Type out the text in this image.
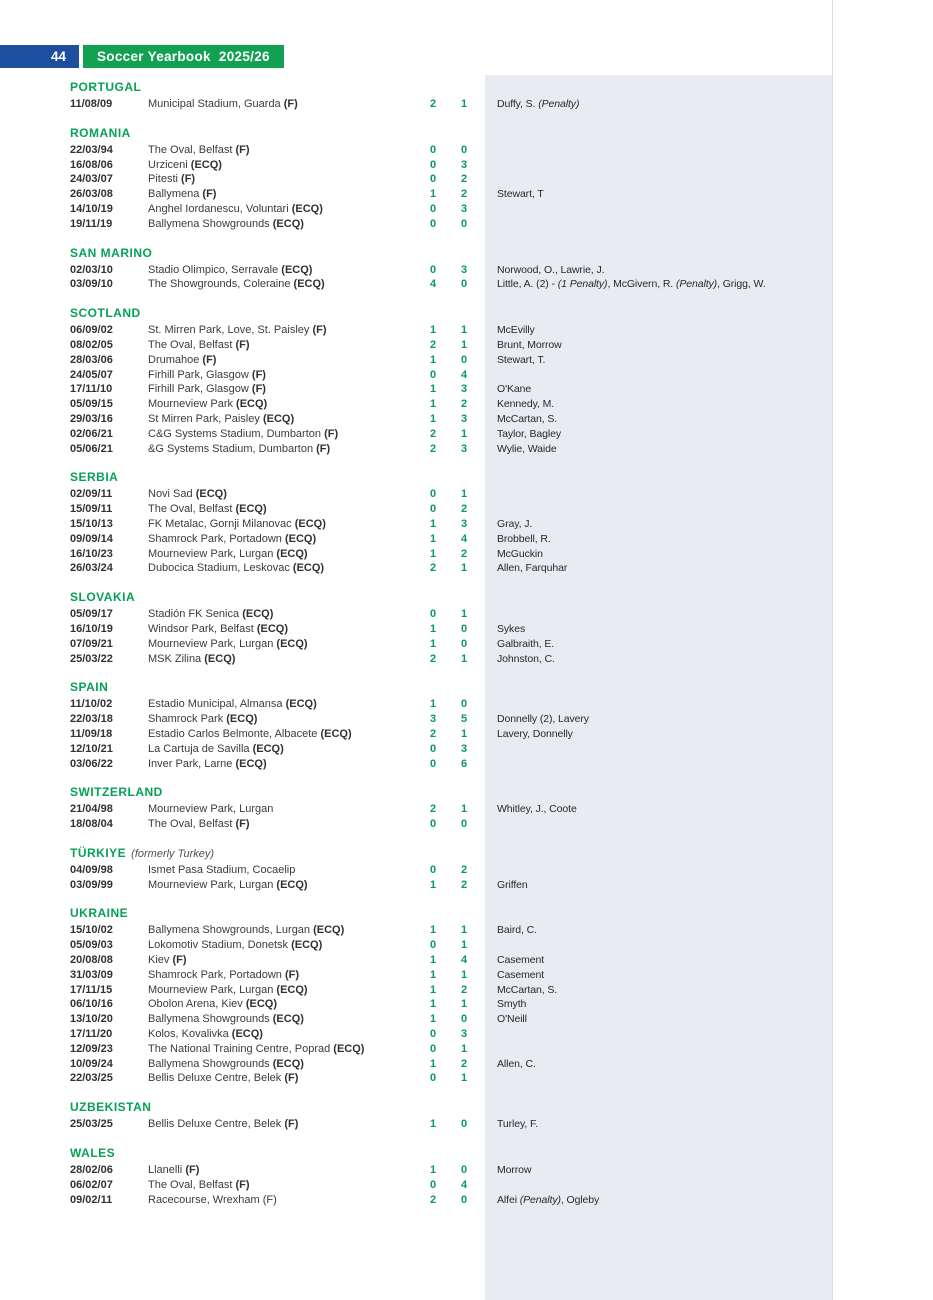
44 Soccer Yearbook  2025/26
PORTUGAL
11/08/09	Municipal Stadium, Guarda (F)	2	1	Duffy, S. (Penalty)
ROMANIA
22/03/94	The Oval, Belfast (F)	0	0
16/08/06	Urziceni (ECQ)	0	3
24/03/07	Pitesti (F)	0	2
26/03/08	Ballymena (F)	1	2	Stewart, T
14/10/19	Anghel Iordanescu, Voluntari (ECQ)	0	3
19/11/19	Ballymena Showgrounds (ECQ)	0	0
SAN MARINO
02/03/10	Stadio Olimpico, Serravale (ECQ)	0	3	Norwood, O., Lawrie, J.
03/09/10	The Showgrounds, Coleraine (ECQ)	4	0	Little, A. (2) - (1 Penalty), McGivern, R. (Penalty), Grigg, W.
SCOTLAND
06/09/02	St. Mirren Park, Love, St. Paisley (F)	1	1	McEvilly
08/02/05	The Oval, Belfast (F)	2	1	Brunt, Morrow
28/03/06	Drumahoe (F)	1	0	Stewart, T.
24/05/07	Firhill Park, Glasgow (F)	0	4
17/11/10	Firhill Park, Glasgow (F)	1	3	O'Kane
05/09/15	Mourneview Park (ECQ)	1	2	Kennedy, M.
29/03/16	St Mirren Park, Paisley (ECQ)	1	3	McCartan, S.
02/06/21	C&G Systems Stadium, Dumbarton (F)	2	1	Taylor, Bagley
05/06/21	&G Systems Stadium, Dumbarton (F)	2	3	Wylie, Waide
SERBIA
02/09/11	Novi Sad (ECQ)	0	1
15/09/11	The Oval, Belfast (ECQ)	0	2
15/10/13	FK Metalac, Gornji Milanovac (ECQ)	1	3	Gray, J.
09/09/14	Shamrock Park, Portadown (ECQ)	1	4	Brobbell, R.
16/10/23	Mourneview Park, Lurgan (ECQ)	1	2	McGuckin
26/03/24	Dubocica Stadium, Leskovac (ECQ)	2	1	Allen, Farquhar
SLOVAKIA
05/09/17	Stadión FK Senica (ECQ)	0	1
16/10/19	Windsor Park, Belfast (ECQ)	1	0	Sykes
07/09/21	Mourneview Park, Lurgan (ECQ)	1	0	Galbraith, E.
25/03/22	MSK Zilina (ECQ)	2	1	Johnston, C.
SPAIN
11/10/02	Estadio Municipal, Almansa (ECQ)	1	0
22/03/18	Shamrock Park (ECQ)	3	5	Donnelly (2), Lavery
11/09/18	Estadio Carlos Belmonte, Albacete (ECQ)	2	1	Lavery, Donnelly
12/10/21	La Cartuja de Savilla (ECQ)	0	3
03/06/22	Inver Park, Larne (ECQ)	0	6
SWITZERLAND
21/04/98	Mourneview Park, Lurgan	2	1	Whitley, J., Coote
18/08/04	The Oval, Belfast (F)	0	0
TÜRKIYE (formerly Turkey)
04/09/98	Ismet Pasa Stadium, Cocaelip	0	2
03/09/99	Mourneview Park, Lurgan (ECQ)	1	2	Griffen
UKRAINE
15/10/02	Ballymena Showgrounds, Lurgan (ECQ)	1	1	Baird, C.
05/09/03	Lokomotiv Stadium, Donetsk (ECQ)	0	1
20/08/08	Kiev (F)	1	4	Casement
31/03/09	Shamrock Park, Portadown (F)	1	1	Casement
17/11/15	Mourneview Park, Lurgan (ECQ)	1	2	McCartan, S.
06/10/16	Obolon Arena, Kiev (ECQ)	1	1	Smyth
13/10/20	Ballymena Showgrounds (ECQ)	1	0	O'Neill
17/11/20	Kolos, Kovalivka (ECQ)	0	3
12/09/23	The National Training Centre, Poprad (ECQ)	0	1
10/09/24	Ballymena Showgrounds (ECQ)	1	2	Allen, C.
22/03/25	Bellis Deluxe Centre, Belek (F)	0	1
UZBEKISTAN
25/03/25	Bellis Deluxe Centre, Belek (F)	1	0	Turley, F.
WALES
28/02/06	Llanelli (F)	1	0	Morrow
06/02/07	The Oval, Belfast (F)	0	4
09/02/11	Racecourse, Wrexham (F)	2	0	Alfei (Penalty), Ogleby
